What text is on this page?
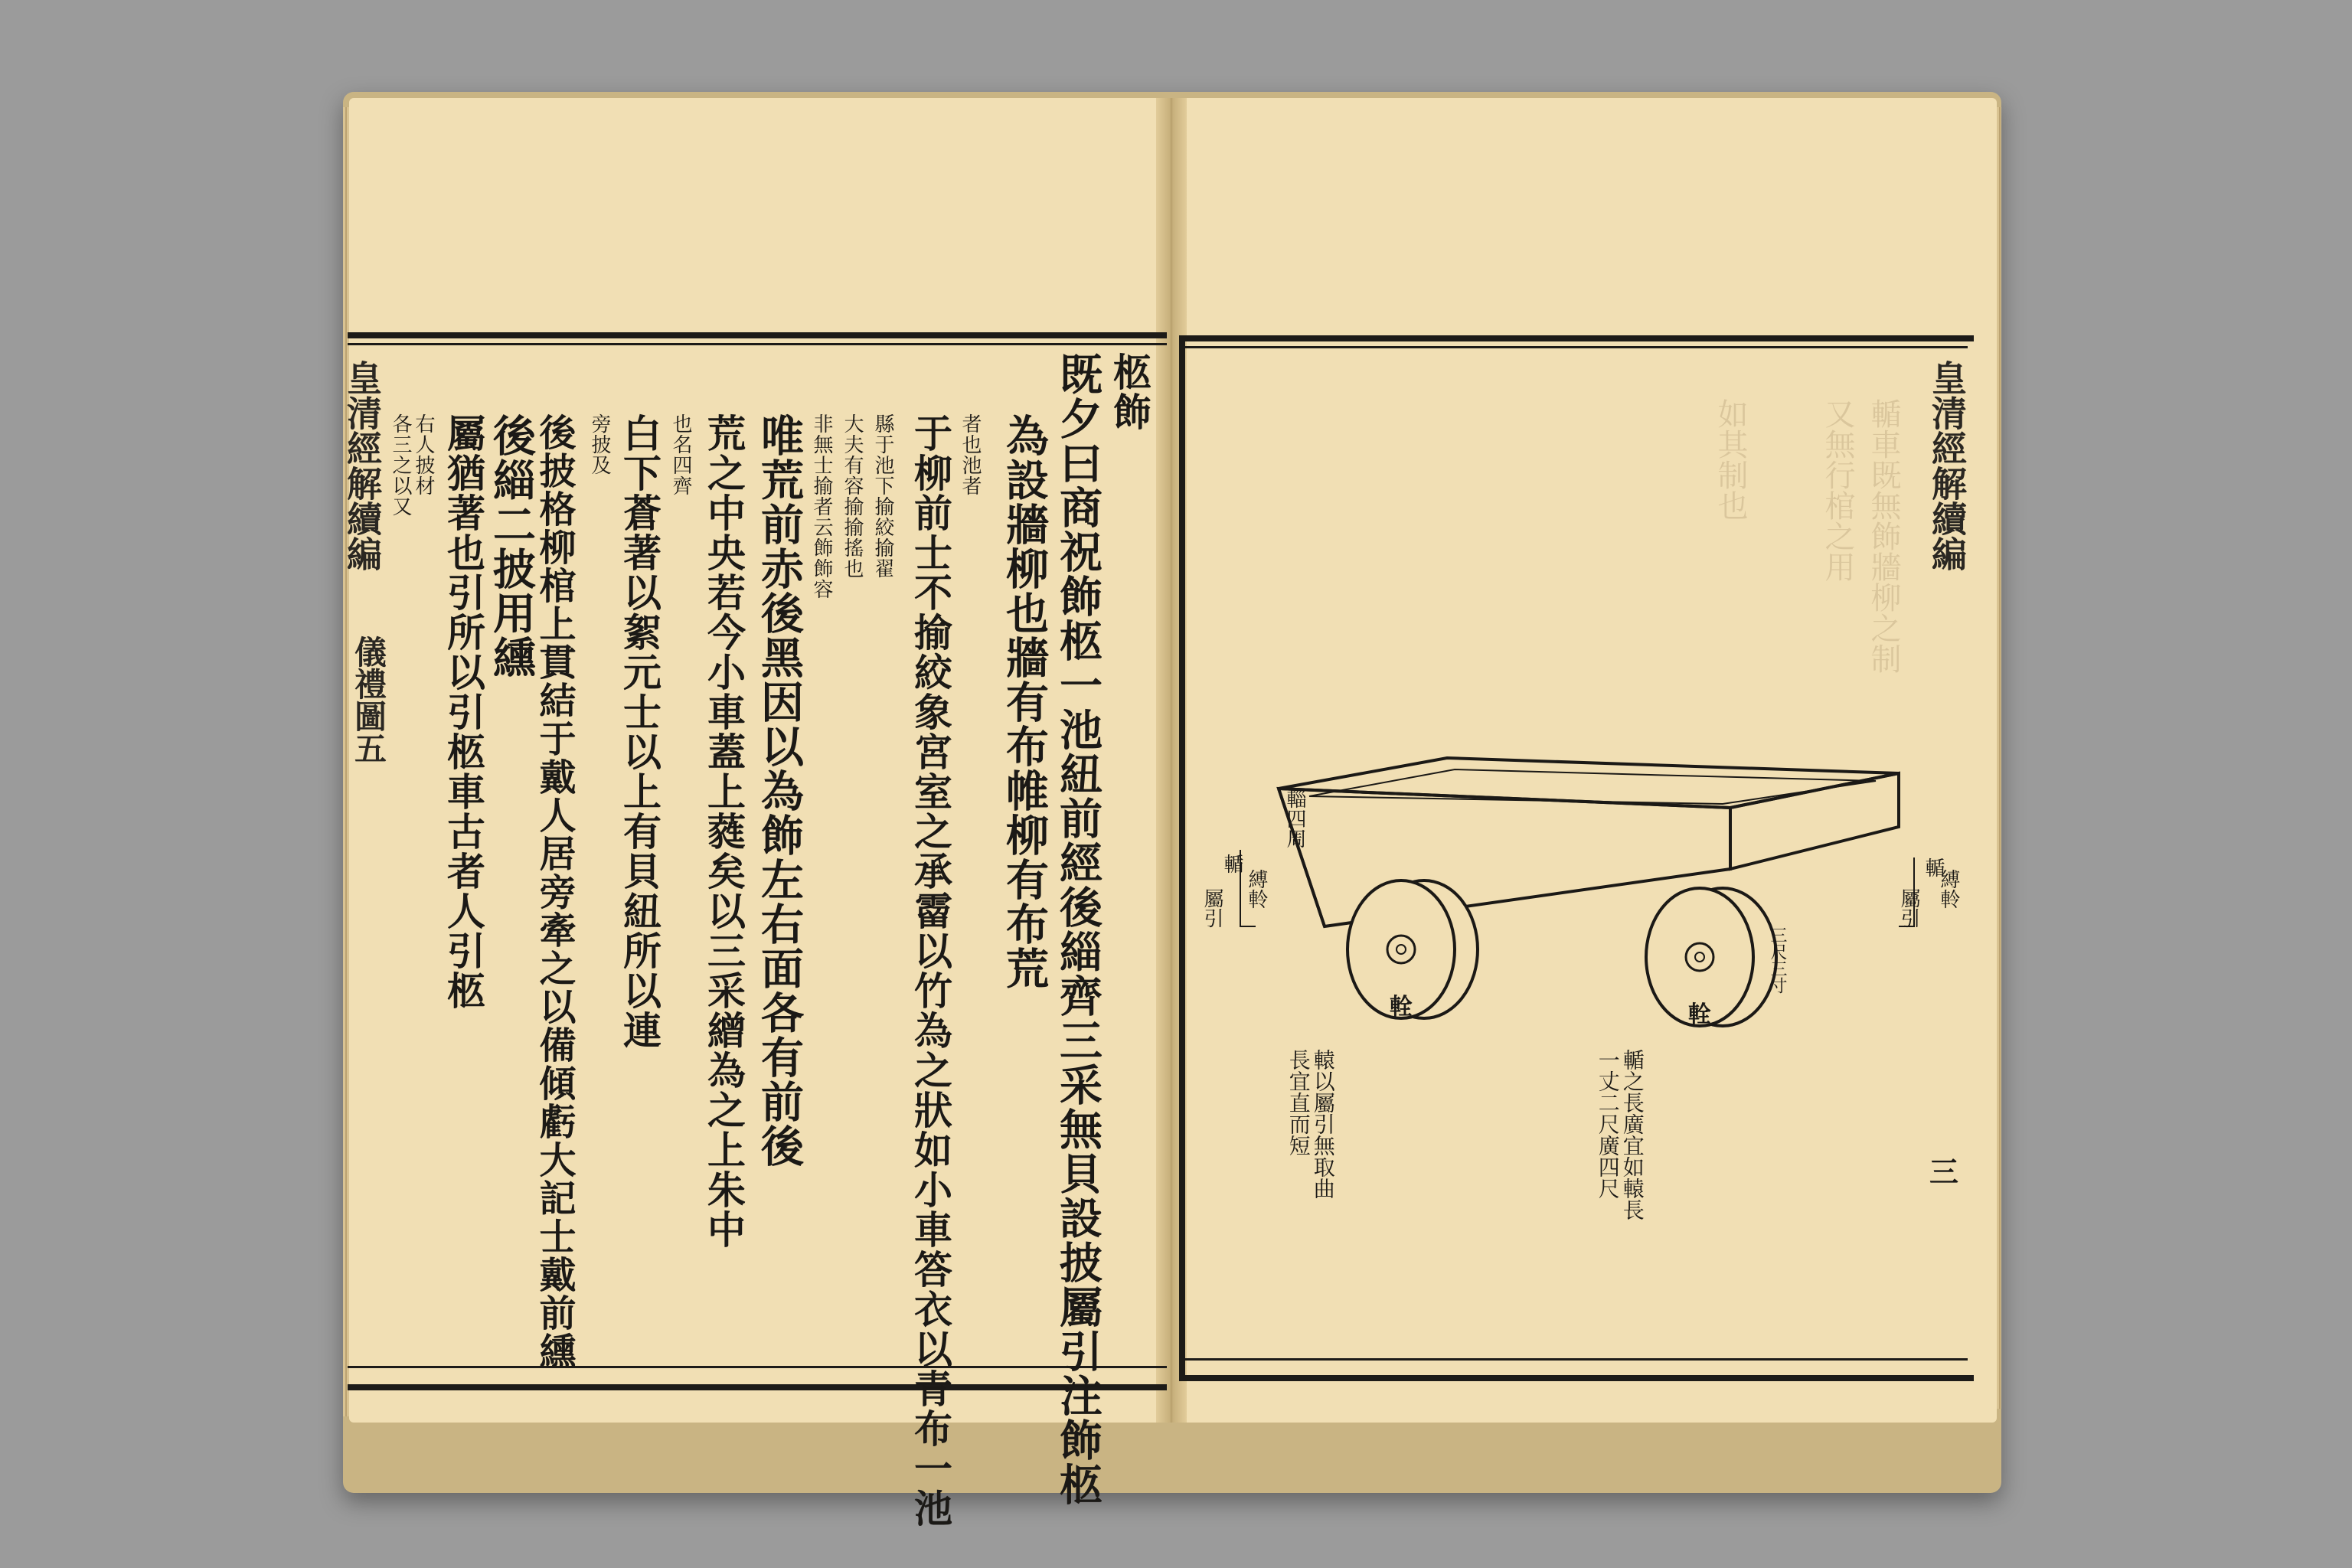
皇清經解續編
儀禮圖五
柩飾
既夕曰商祝飾柩一池紐前經後緇齊三采無貝設披屬引注飾柩
為設牆柳也牆有布帷柳有布荒
者也池者
于柳前士不揄絞象宮室之承霤以竹為之狀如小車答衣以青布一池
縣于池下揄絞揄翟
大夫有容揄揄搖也
非無士揄者云飾飾容
唯荒前赤後黑因以為飾左右面各有前後
荒之中央若今小車蓋上蕤矣以三采繒為之上朱中
也名四齊
白下蒼著以絮元士以上有貝紐所以連
旁披及
後披格柳棺上貫結于戴人居旁牽之以備傾虧大記士戴前纁
後緇二披用纁
屬猶著也引所以引柩車古者人引柩
右人披材
各三之以又	皇清經解續編
三
輴車既無飾牆柳之制
又無行棺之用
如其制也
輜四周
輴
屬引 縛軨
輴
屬引 縛軨
輇	輇
三尺三寸
轅以屬引無取曲
長宜直而短	輴之長廣宜如轅長
一丈二尺廣四尺
